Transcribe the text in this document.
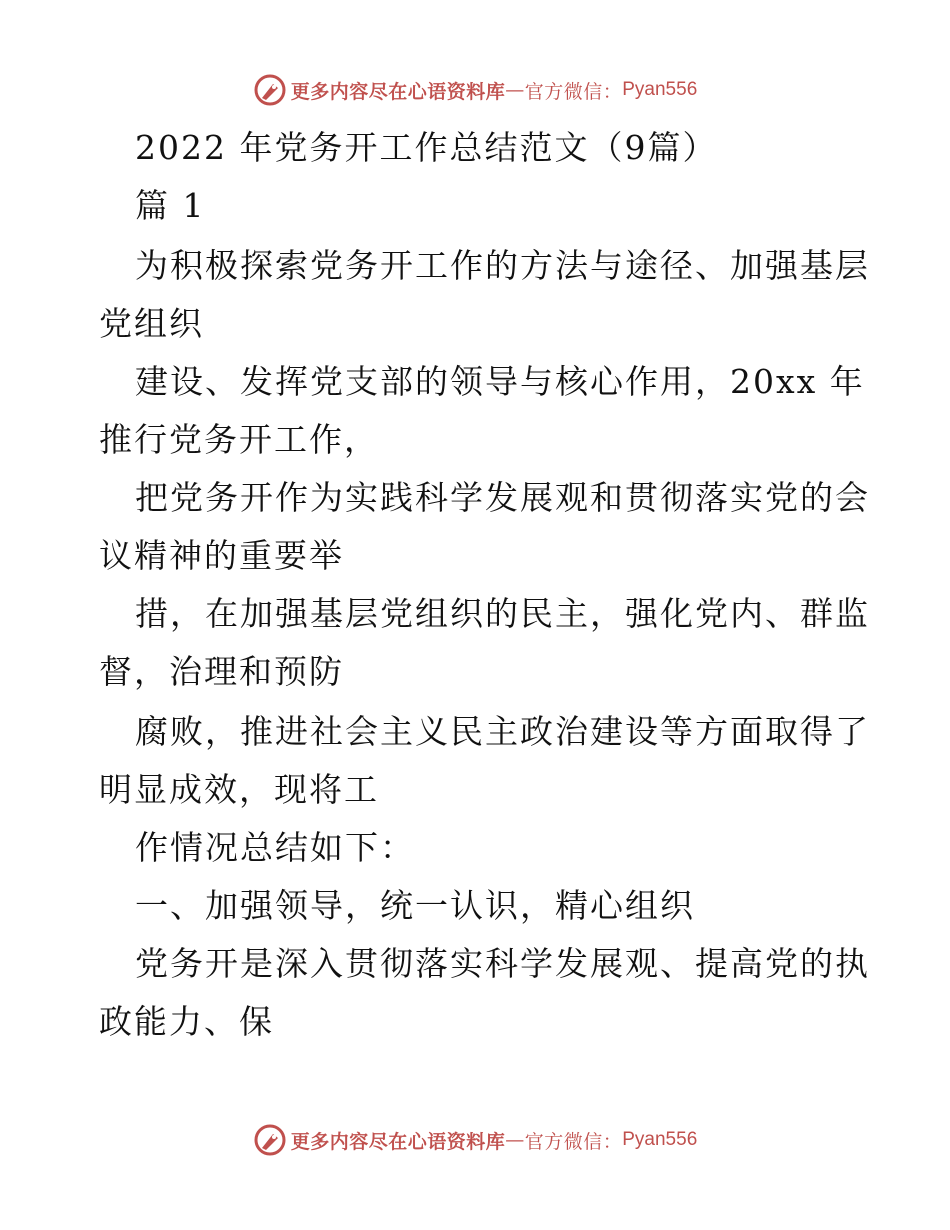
更多内容尽在心语资料库 — 官方微信： Pyan556
2022 年党务开工作总结范文（9篇）
篇 1
为积极探索党务开工作的方法与途径、加强基层
党组织
建设、发挥党支部的领导与核心作用，20xx 年
推行党务开工作，
把党务开作为实践科学发展观和贯彻落实党的会
议精神的重要举
措，在加强基层党组织的民主，强化党内、群监
督，治理和预防
腐败，推进社会主义民主政治建设等方面取得了
明显成效，现将工
作情况总结如下：
一、加强领导，统一认识，精心组织
党务开是深入贯彻落实科学发展观、提高党的执
政能力、保
更多内容尽在心语资料库 — 官方微信： Pyan556
